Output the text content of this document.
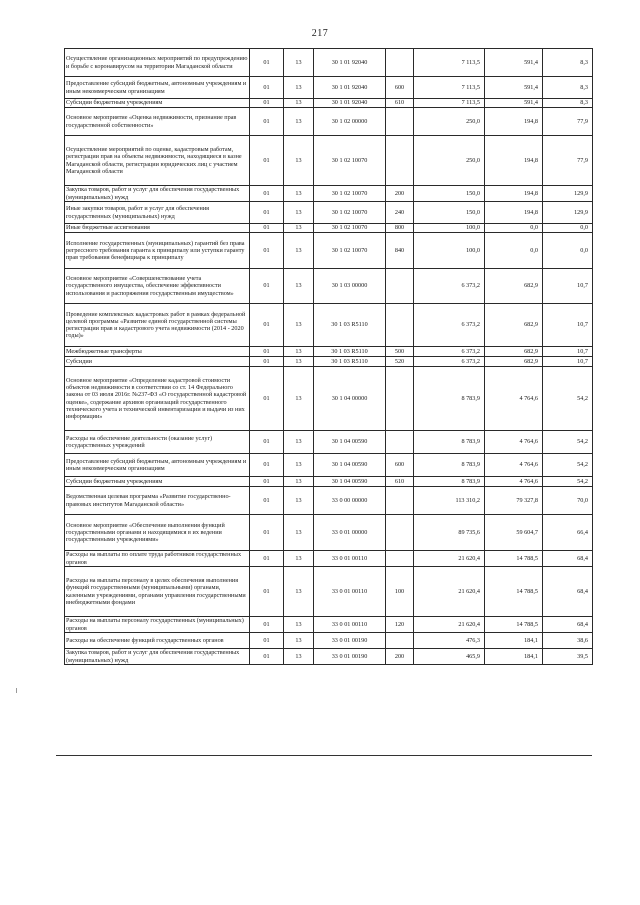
217
Осуществление организационных мероприятий по предупреждению и борьбе с коронавирусом на территории Магаданской области	01	13	30 1 01 92040		7 113,5	591,4	8,3
Предоставление субсидий бюджетным, автономным учреждениям и иным некоммерческим организациям	01	13	30 1 01 92040	600	7 113,5	591,4	8,3
Субсидии бюджетным учреждениям	01	13	30 1 01 92040	610	7 113,5	591,4	8,3
Основное мероприятие «Оценка недвижимости, признание прав государственной собственности»	01	13	30 1 02 00000		250,0	194,8	77,9
Осуществление мероприятий по оценке, кадастровым работам, регистрации прав на объекты недвижимости, находящиеся в казне Магаданской области, регистрации юридических лиц с участием Магаданской области	01	13	30 1 02 10070		250,0	194,8	77,9
Закупка товаров, работ и услуг для обеспечения государственных (муниципальных) нужд	01	13	30 1 02 10070	200	150,0	194,8	129,9
Иные закупки товаров, работ и услуг для обеспечения государственных (муниципальных) нужд	01	13	30 1 02 10070	240	150,0	194,8	129,9
Иные бюджетные ассигнования	01	13	30 1 02 10070	800	100,0	0,0	0,0
Исполнение государственных (муниципальных) гарантий без права регрессного требования гаранта к принципалу или уступки гаранту прав требования бенефициара к принципалу	01	13	30 1 02 10070	840	100,0	0,0	0,0
Основное мероприятие «Совершенствование учета государственного имущества, обеспечение эффективности использования и распоряжения государственным имуществом»	01	13	30 1 03 00000		6 373,2	682,9	10,7
Проведение комплексных кадастровых работ в рамках федеральной целевой программы «Развитие единой государственной системы регистрации прав и кадастрового учета недвижимости (2014 - 2020 годы)»	01	13	30 1 03 R5110		6 373,2	682,9	10,7
Межбюджетные трансферты	01	13	30 1 03 R5110	500	6 373,2	682,9	10,7
Субсидии	01	13	30 1 03 R5110	520	6 373,2	682,9	10,7
Основное мероприятие «Определение кадастровой стоимости объектов недвижимости в соответствии со ст. 14 Федерального закона от 03 июля 2016г. №237-ФЗ «О государственной кадастровой оценке», содержание архивов организаций государственного технического учета и технической инвентаризации и выдачи из них информации»	01	13	30 1 04 00000		8 783,9	4 764,6	54,2
Расходы на обеспечение деятельности (оказание услуг) государственных учреждений	01	13	30 1 04 00590		8 783,9	4 764,6	54,2
Предоставление субсидий бюджетным, автономным учреждениям и иным некоммерческим организациям	01	13	30 1 04 00590	600	8 783,9	4 764,6	54,2
Субсидии бюджетным учреждениям	01	13	30 1 04 00590	610	8 783,9	4 764,6	54,2
Ведомственная целевая программа «Развитие государственно-правовых институтов Магаданской области»	01	13	33 0 00 00000		113 310,2	79 327,8	70,0
Основное мероприятие «Обеспечение выполнения функций государственными органами и находящимися в их ведении государственными учреждениями»	01	13	33 0 01 00000		89 735,6	59 604,7	66,4
Расходы на выплаты по оплате труда работников государственных органов	01	13	33 0 01 00110		21 620,4	14 788,5	68,4
Расходы на выплаты персоналу в целях обеспечения выполнения функций государственными (муниципальными) органами, казенными учреждениями, органами управления государственными внебюджетными фондами	01	13	33 0 01 00110	100	21 620,4	14 788,5	68,4
Расходы на выплаты персоналу государственных (муниципальных) органов	01	13	33 0 01 00110	120	21 620,4	14 788,5	68,4
Расходы на обеспечение функций государственных органов	01	13	33 0 01 00190		476,3	184,1	38,6
Закупка товаров, работ и услуг для обеспечения государственных (муниципальных) нужд	01	13	33 0 01 00190	200	465,9	184,1	39,5
